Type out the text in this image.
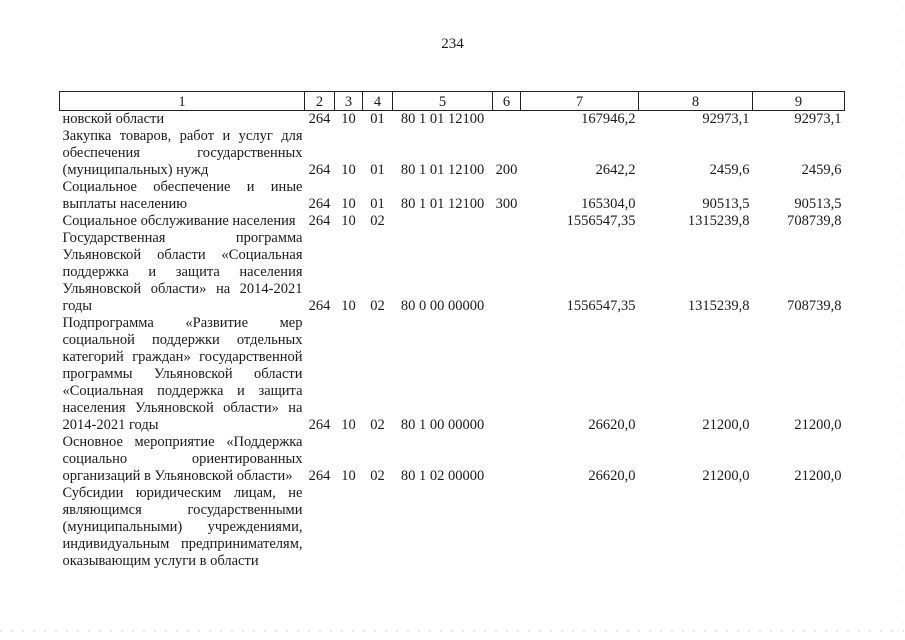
234
1	2	3	4	5	6	7	8	9
новской области	264	10	01	80 1 01 12100		167946,2	92973,1	92973,1
Закупка товаров, работ и услуг для обеспечения государственных (муниципальных) нужд	264	10	01	80 1 01 12100	200	2642,2	2459,6	2459,6
Социальное обеспечение и иные выплаты населению	264	10	01	80 1 01 12100	300	165304,0	90513,5	90513,5
Социальное обслуживание населения	264	10	02			1556547,35	1315239,8	708739,8
Государственная программа Ульяновской области «Социальная поддержка и защита населения Ульяновской области» на 2014-2021 годы	264	10	02	80 0 00 00000		1556547,35	1315239,8	708739,8
Подпрограмма «Развитие мер социальной поддержки отдельных категорий граждан» государственной программы Ульяновской области «Социальная поддержка и защита населения Ульяновской области» на 2014-2021 годы	264	10	02	80 1 00 00000		26620,0	21200,0	21200,0
Основное мероприятие «Поддержка социально ориентированных организаций в Ульяновской области»	264	10	02	80 1 02 00000		26620,0	21200,0	21200,0
Субсидии юридическим лицам, не являющимся государственными (муниципальными) учреждениями, индивидуальным предпринимателям, оказывающим услуги в области								
